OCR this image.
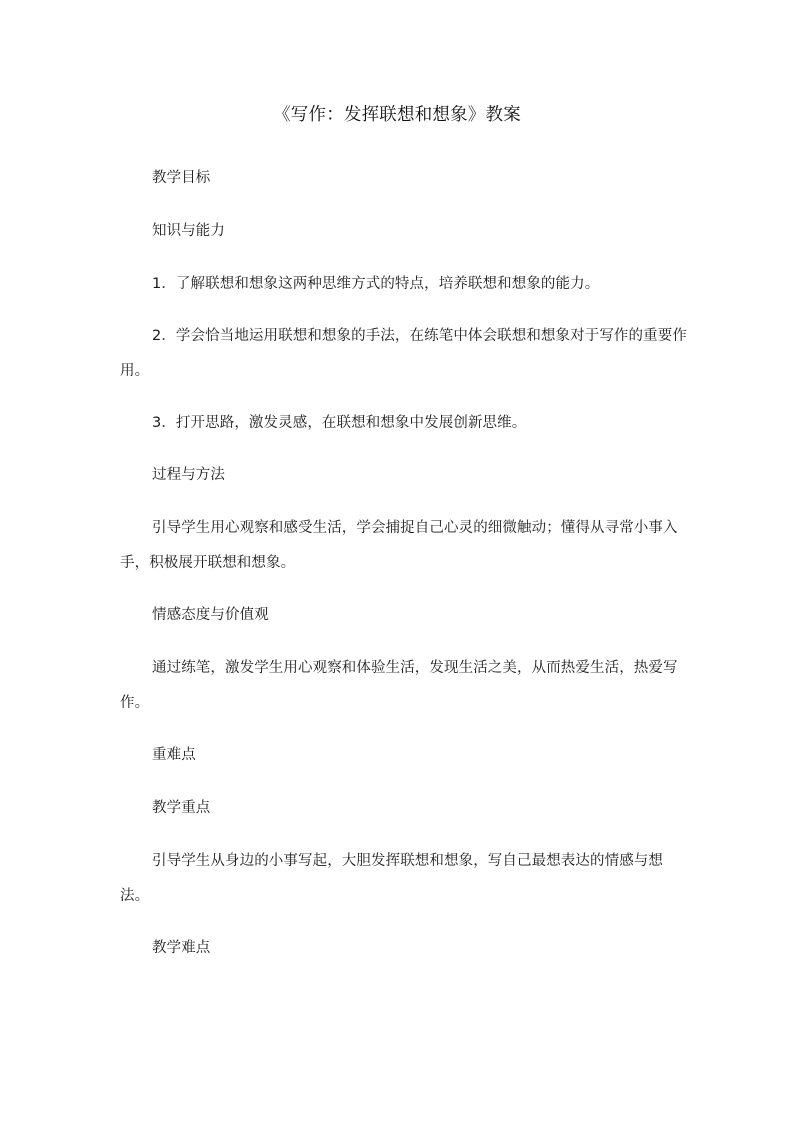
《写作：发挥联想和想象》教案

教学目标

知识与能力

1．了解联想和想象这两种思维方式的特点，培养联想和想象的能力。

2．学会恰当地运用联想和想象的手法，在练笔中体会联想和想象对于写作的重要作用。

3．打开思路，激发灵感，在联想和想象中发展创新思维。

过程与方法

引导学生用心观察和感受生活，学会捕捉自己心灵的细微触动；懂得从寻常小事入手，积极展开联想和想象。

情感态度与价值观

通过练笔，激发学生用心观察和体验生活，发现生活之美，从而热爱生活，热爱写作。

重难点

教学重点

引导学生从身边的小事写起，大胆发挥联想和想象，写自己最想表达的情感与想法。

教学难点
